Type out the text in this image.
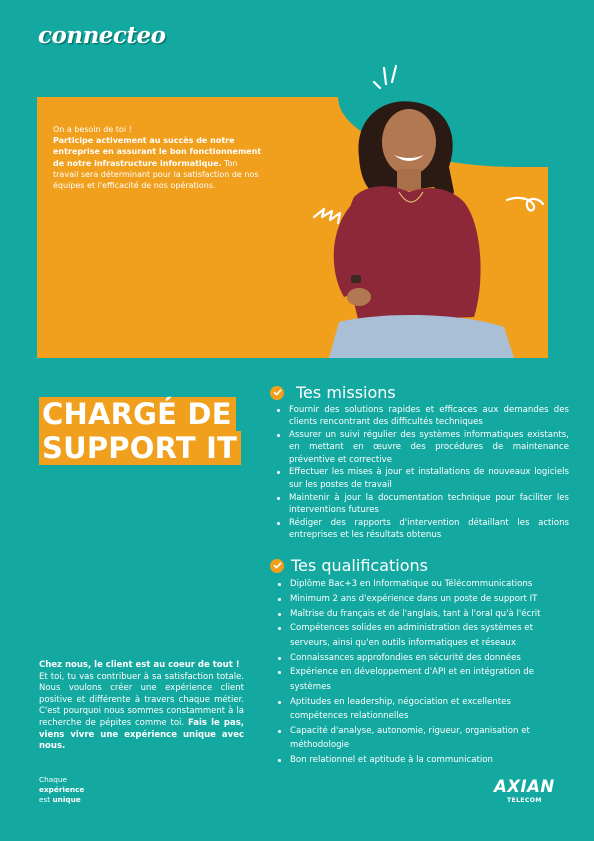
connecteo
On a besoin de toi !
Participe activement au succès de notre entreprise en assurant le bon fonctionnement de notre infrastructure informatique. Ton travail sera déterminant pour la satisfaction de nos équipes et l'efficacité de nos opérations.
CHARGÉ DE
SUPPORT IT
Tes missions
Fournir des solutions rapides et efficaces aux demandes des clients rencontrant des difficultés techniques
Assurer un suivi régulier des systèmes informatiques existants, en mettant en œuvre des procédures de maintenance préventive et corrective
Effectuer les mises à jour et installations de nouveaux logiciels sur les postes de travail
Maintenir à jour la documentation technique pour faciliter les interventions futures
Rédiger des rapports d'intervention détaillant les actions entreprises et les résultats obtenus
Tes qualifications
Diplôme Bac+3 en Informatique ou Télécommunications
Minimum 2 ans d'expérience dans un poste de support IT
Maîtrise du français et de l'anglais, tant à l'oral qu'à l'écrit
Compétences solides en administration des systèmes et serveurs, ainsi qu'en outils informatiques et réseaux
Connaissances approfondies en sécurité des données
Expérience en développement d'API et en intégration de systèmes
Aptitudes en leadership, négociation et excellentes compétences relationnelles
Capacité d'analyse, autonomie, rigueur, organisation et méthodologie
Bon relationnel et aptitude à la communication
Chez nous, le client est au coeur de tout !
Et toi, tu vas contribuer à sa satisfaction totale. Nous voulons créer une expérience client positive et différente à travers chaque métier. C'est pourquoi nous sommes constamment à la recherche de pépites comme toi. Fais le pas, viens vivre une expérience unique avec nous.
Chaque
expérience
est unique
AXIAN
TELECOM
